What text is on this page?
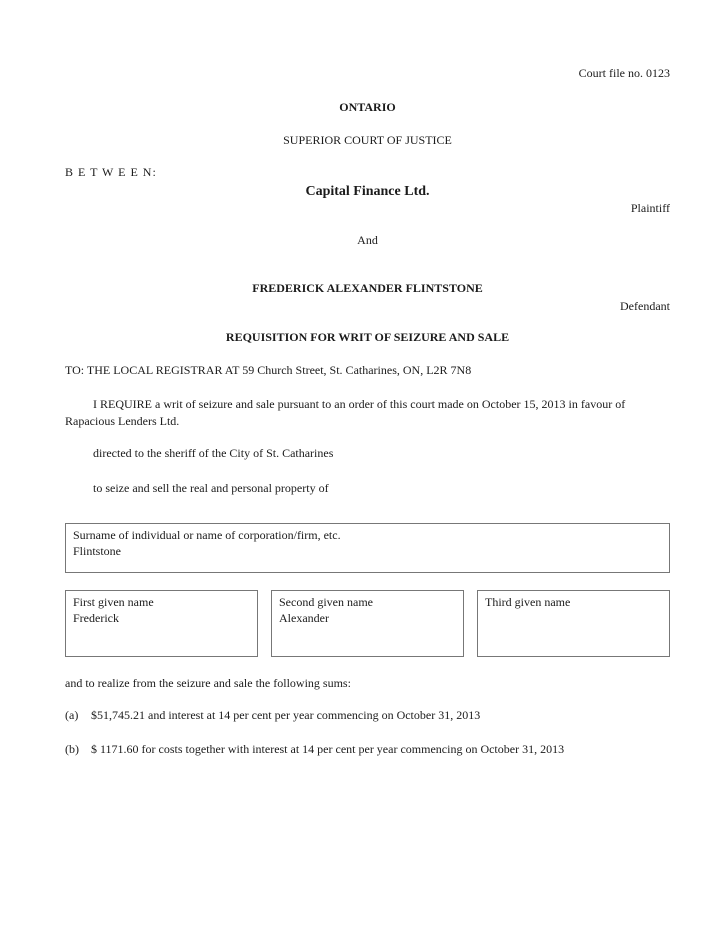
Court file no. 0123
ONTARIO
SUPERIOR COURT OF JUSTICE
B E T W E E N:
Capital Finance Ltd.
Plaintiff
And
FREDERICK ALEXANDER FLINTSTONE
Defendant
REQUISITION FOR WRIT OF SEIZURE AND SALE
TO: THE LOCAL REGISTRAR AT 59 Church Street, St. Catharines, ON, L2R 7N8
I REQUIRE a writ of seizure and sale pursuant to an order of this court made on October 15, 2013 in favour of Rapacious Lenders Ltd.
directed to the sheriff of the City of St. Catharines
to seize and sell the real and personal property of
Surname of individual or name of corporation/firm, etc.
Flintstone
First given name
Frederick
Second given name
Alexander
Third given name
and to realize from the seizure and sale the following sums:
(a)	$51,745.21 and interest at 14 per cent per year commencing on October 31, 2013
(b)	$ 1171.60 for costs together with interest at 14 per cent per year commencing on October 31, 2013
